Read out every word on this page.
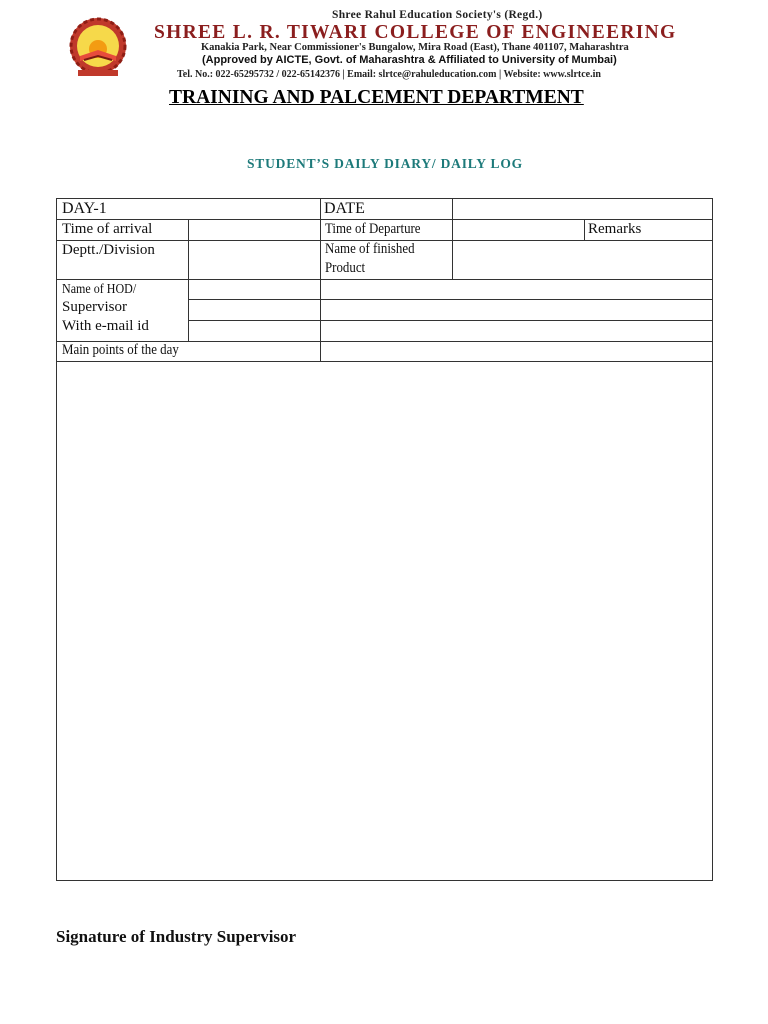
Shree Rahul Education Society's (Regd.)
SHREE L. R. TIWARI COLLEGE OF ENGINEERING
Kanakia Park, Near Commissioner's Bungalow, Mira Road (East), Thane 401107, Maharashtra
(Approved by AICTE, Govt. of Maharashtra & Affiliated to University of Mumbai)
Tel. No.: 022-65295732 / 022-65142376 | Email: slrtce@rahuleducation.com | Website: www.slrtce.in
TRAINING AND PALCEMENT DEPARTMENT
STUDENT’S DAILY DIARY/ DAILY LOG
DAY-1	DATE
Time of arrival	Time of Departure	Remarks
Deptt./Division	Name of finished
Product
Name of HOD/
Supervisor
With e-mail id
Main points of the day
Signature of Industry Supervisor
